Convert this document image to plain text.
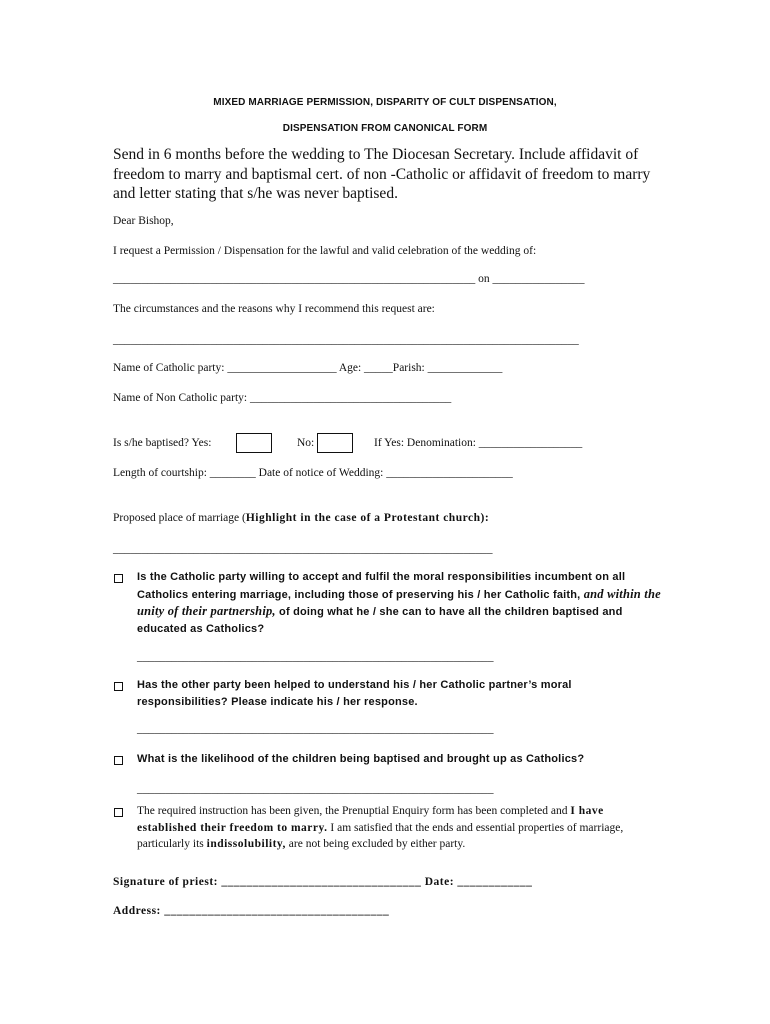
MIXED MARRIAGE PERMISSION, DISPARITY OF CULT DISPENSATION,
DISPENSATION FROM CANONICAL FORM
Send in 6 months before the wedding to The Diocesan Secretary. Include affidavit of freedom to marry and baptismal cert. of non -Catholic or affidavit of freedom to marry and letter stating that s/he was never baptised.
Dear Bishop,
I request a Permission / Dispensation for the lawful and valid celebration of the wedding of:
_______________________________________________________________ on ________________
The circumstances and the reasons why I recommend this request are:
_________________________________________________________________________________
Name of Catholic party: ___________________ Age: _____Parish: _____________
Name of Non Catholic party: ___________________________________
Is s/he baptised? Yes:	No:	If Yes: Denomination: __________________
Length of courtship: ________ Date of notice of Wedding: ______________________
Proposed place of marriage (Highlight in the case of a Protestant church):
__________________________________________________________________
Is the Catholic party willing to accept and fulfil the moral responsibilities incumbent on all Catholics entering marriage, including those of preserving his / her Catholic faith, and within the unity of their partnership, of doing what he / she can to have all the children baptised and educated as Catholics?
______________________________________________________________
Has the other party been helped to understand his / her Catholic partner’s moral responsibilities? Please indicate his / her response.
______________________________________________________________
What is the likelihood of the children being baptised and brought up as Catholics?
______________________________________________________________
The required instruction has been given, the Prenuptial Enquiry form has been completed and I have established their freedom to marry. I am satisfied that the ends and essential properties of marriage, particularly its indissolubility, are not being excluded by either party.
Signature of priest: ________________________________ Date: ____________
Address: ____________________________________
